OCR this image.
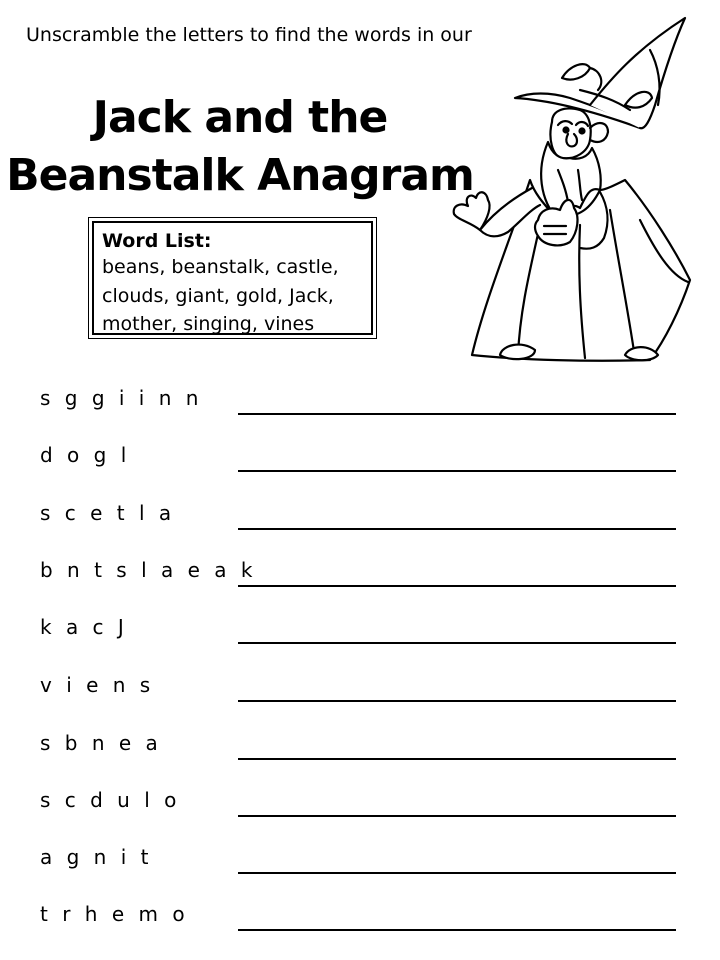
Unscramble the letters to find the words in our
Jack and the
Beanstalk Anagram
Word List:
beans, beanstalk, castle,
clouds, giant, gold, Jack,
mother, singing, vines
s g g i i n n
d o g l
s c e t l a
b n t s l a e a k
k a c J
v i e n s
s b n e a
s c d u l o
a g n i t
t r h e m o
